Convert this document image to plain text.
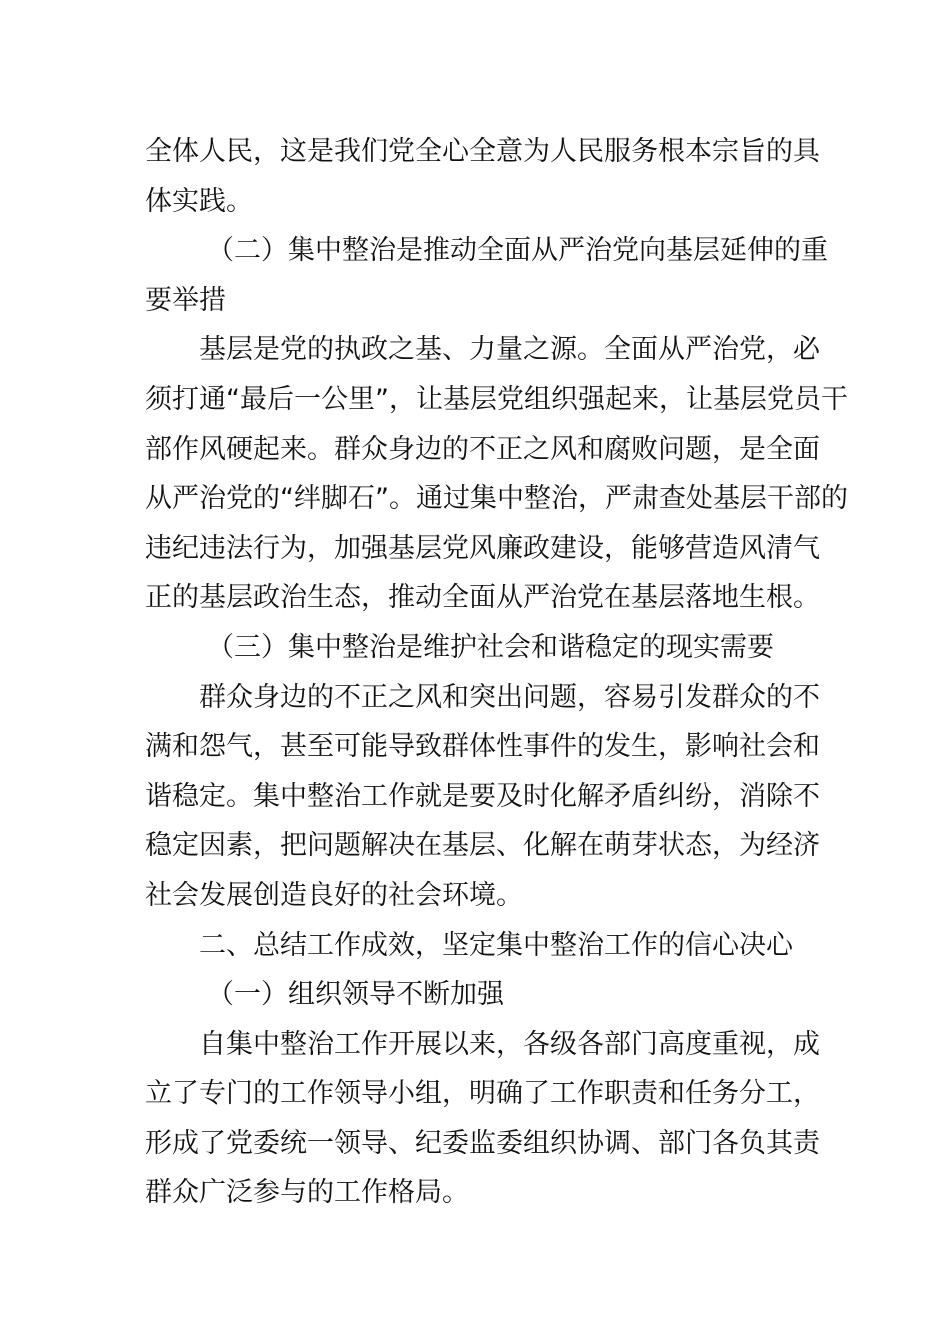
全体人民，这是我们党全心全意为人民服务根本宗旨的具
体实践。
（二）集中整治是推动全面从严治党向基层延伸的重
要举措
基层是党的执政之基、力量之源。全面从严治党，必
须打通“最后一公里”，让基层党组织强起来，让基层党员干
部作风硬起来。群众身边的不正之风和腐败问题，是全面
从严治党的“绊脚石”。通过集中整治，严肃查处基层干部的
违纪违法行为，加强基层党风廉政建设，能够营造风清气
正的基层政治生态，推动全面从严治党在基层落地生根。
（三）集中整治是维护社会和谐稳定的现实需要
群众身边的不正之风和突出问题，容易引发群众的不
满和怨气，甚至可能导致群体性事件的发生，影响社会和
谐稳定。集中整治工作就是要及时化解矛盾纠纷，消除不
稳定因素，把问题解决在基层、化解在萌芽状态，为经济
社会发展创造良好的社会环境。
二、总结工作成效，坚定集中整治工作的信心决心
（一）组织领导不断加强
自集中整治工作开展以来，各级各部门高度重视，成
立了专门的工作领导小组，明确了工作职责和任务分工，
形成了党委统一领导、纪委监委组织协调、部门各负其责
群众广泛参与的工作格局。
